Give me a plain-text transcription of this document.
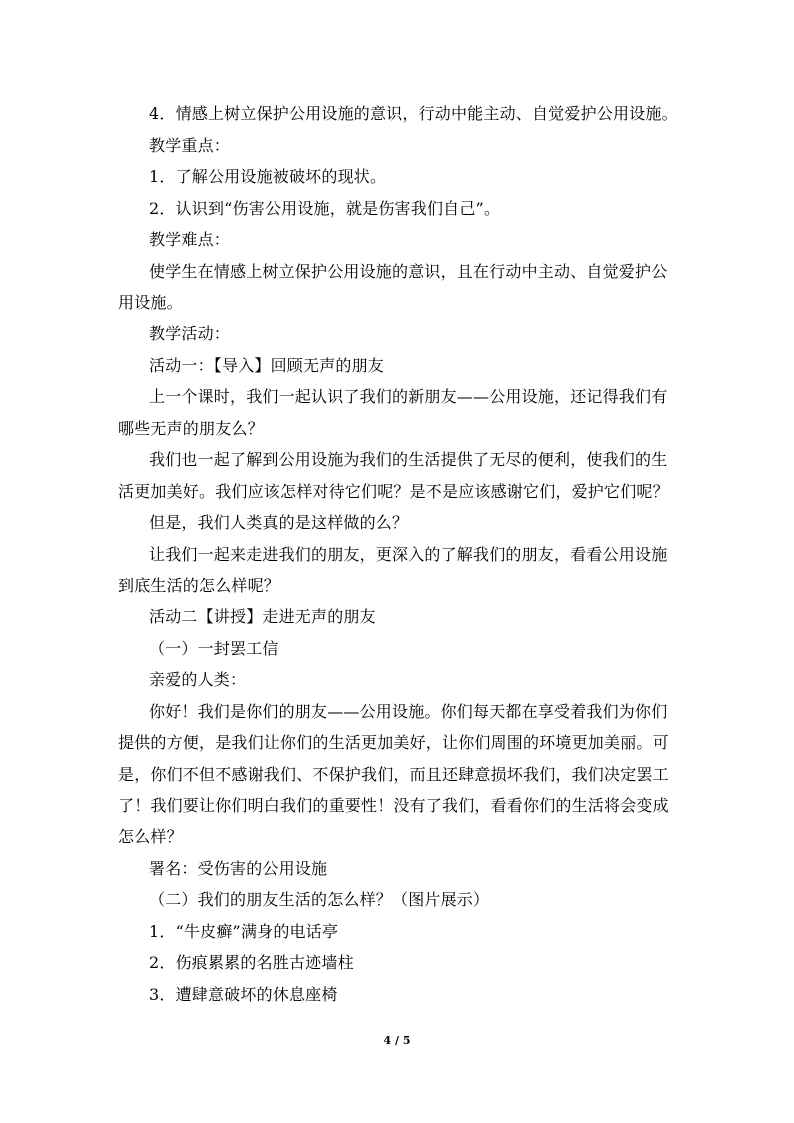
4．情感上树立保护公用设施的意识，行动中能主动、自觉爱护公用设施。
教学重点：
1．了解公用设施被破坏的现状。
2．认识到“伤害公用设施，就是伤害我们自己”。
教学难点：
使学生在情感上树立保护公用设施的意识，且在行动中主动、自觉爱护公
用设施。
教学活动：
活动一：【导入】回顾无声的朋友
上一个课时，我们一起认识了我们的新朋友——公用设施，还记得我们有
哪些无声的朋友么？
我们也一起了解到公用设施为我们的生活提供了无尽的便利，使我们的生
活更加美好。我们应该怎样对待它们呢？是不是应该感谢它们，爱护它们呢？
但是，我们人类真的是这样做的么？
让我们一起来走进我们的朋友，更深入的了解我们的朋友，看看公用设施
到底生活的怎么样呢？
活动二【讲授】走进无声的朋友
（一）一封罢工信
亲爱的人类：
你好！我们是你们的朋友——公用设施。你们每天都在享受着我们为你们
提供的方便，是我们让你们的生活更加美好，让你们周围的环境更加美丽。可
是，你们不但不感谢我们、不保护我们，而且还肆意损坏我们，我们决定罢工
了！我们要让你们明白我们的重要性！没有了我们，看看你们的生活将会变成
怎么样？
署名：受伤害的公用设施
（二）我们的朋友生活的怎么样？（图片展示）
1．“牛皮癣”满身的电话亭
2．伤痕累累的名胜古迹墙柱
3．遭肆意破坏的休息座椅
4 / 5
